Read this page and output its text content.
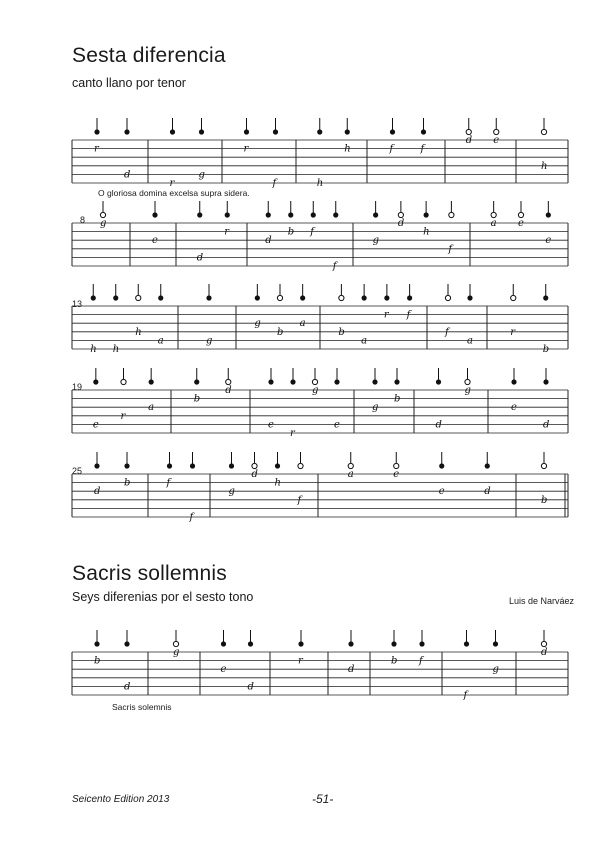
Sesta diferencia
canto llano por tenor
8
13
19
25
O gloriosa domina excelsa supra sidera.
Sacris sollemnis
Seys diferenias por el sesto tono	Luis de Narváez
Sacris solemnis
Seicento Edition 2013	-51-
r
d
r
g
r
f	h
h	f	f
d e
h
g
e
d
r
d
b f
f
g
d
h
f
a e
e
h h
h
a	g
g
b
a
b
a
r f
f
a
r
b
e
r
a
b
d
e
r
g
e
g
b
d
g
e
d
d
b	f
f
g
d
h
f
a	e
e	d
b
b
d
g
e
d
r
d
b f
f
g
d
